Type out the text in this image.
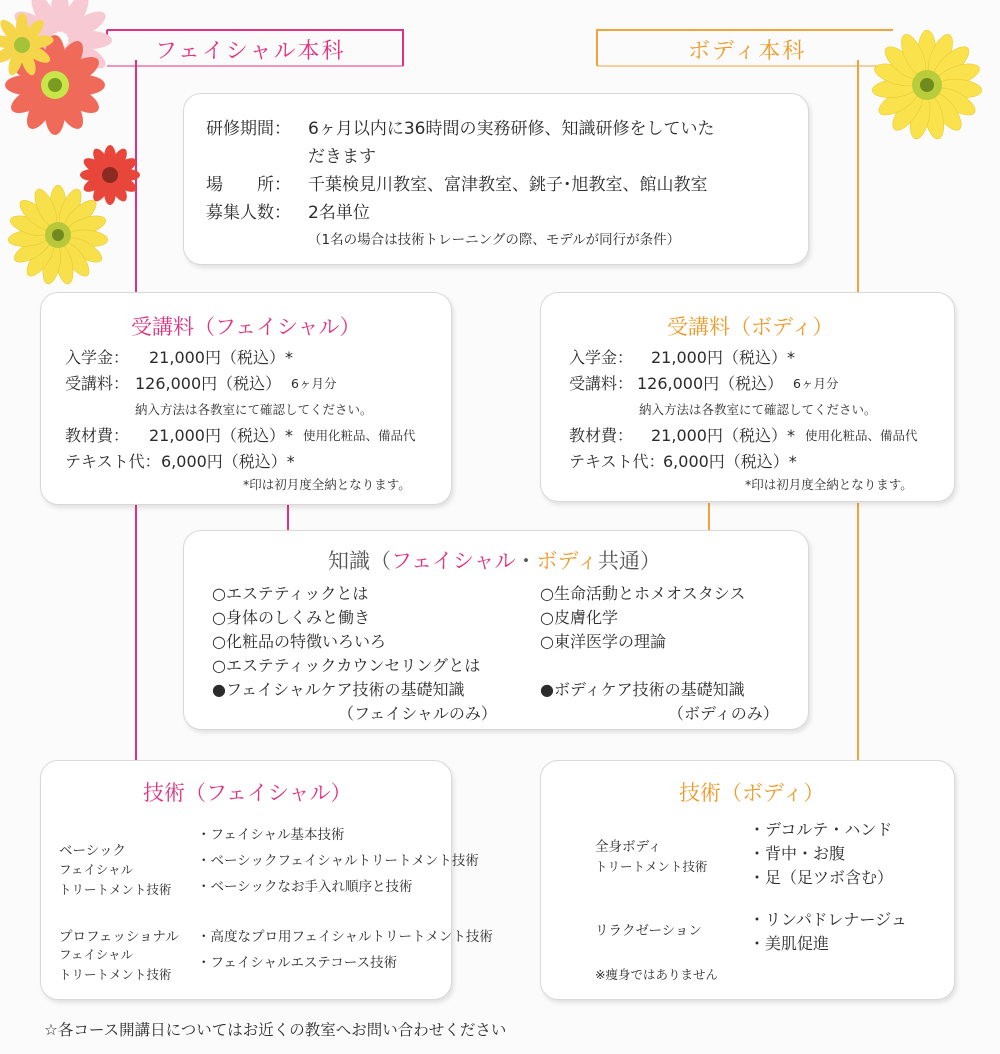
フェイシャル本科	ボディ本科
研修期間： 6ヶ月以内に36時間の実務研修、知識研修をしていた
だきます
場　　所： 千葉検見川教室、富津教室、銚子･旭教室、館山教室
募集人数： 2名単位
（1名の場合は技術トレーニングの際、モデルが同行が条件）
受講料（フェイシャル）
入学金： 21,000円（税込）*
受講料： 126,000円（税込） 6ヶ月分
納入方法は各教室にて確認してください。
教材費： 21,000円（税込）* 使用化粧品、備品代
テキスト代： 6,000円（税込）*
*印は初月度全納となります。
受講料（ボディ）
入学金： 21,000円（税込）*
受講料： 126,000円（税込） 6ヶ月分
納入方法は各教室にて確認してください。
教材費： 21,000円（税込）* 使用化粧品、備品代
テキスト代：
6,000円（税込）*
*印は初月度全納となります。
知識（フェイシャル・ボディ共通）
○エステティックとは
○身体のしくみと働き
○化粧品の特徴いろいろ
○エステティックカウンセリングとは
●フェイシャルケア技術の基礎知識
（フェイシャルのみ）
○生命活動とホメオスタシス
○皮膚化学
○東洋医学の理論
●ボディケア技術の基礎知識
（ボディのみ）
技術（フェイシャル）
ベーシック
フェイシャル
トリートメント技術
・フェイシャル基本技術
・ベーシックフェイシャルトリートメント技術
・ベーシックなお手入れ順序と技術
プロフェッショナル
フェイシャル
トリートメント技術
・高度なプロ用フェイシャルトリートメント技術
・フェイシャルエステコース技術
技術（ボディ）
全身ボディ
トリートメント技術
・デコルテ・ハンド
・背中・お腹
・足（足ツボ含む）
リラクゼーション
・リンパドレナージュ
・美肌促進
※痩身ではありません
☆各コース開講日についてはお近くの教室へお問い合わせください
